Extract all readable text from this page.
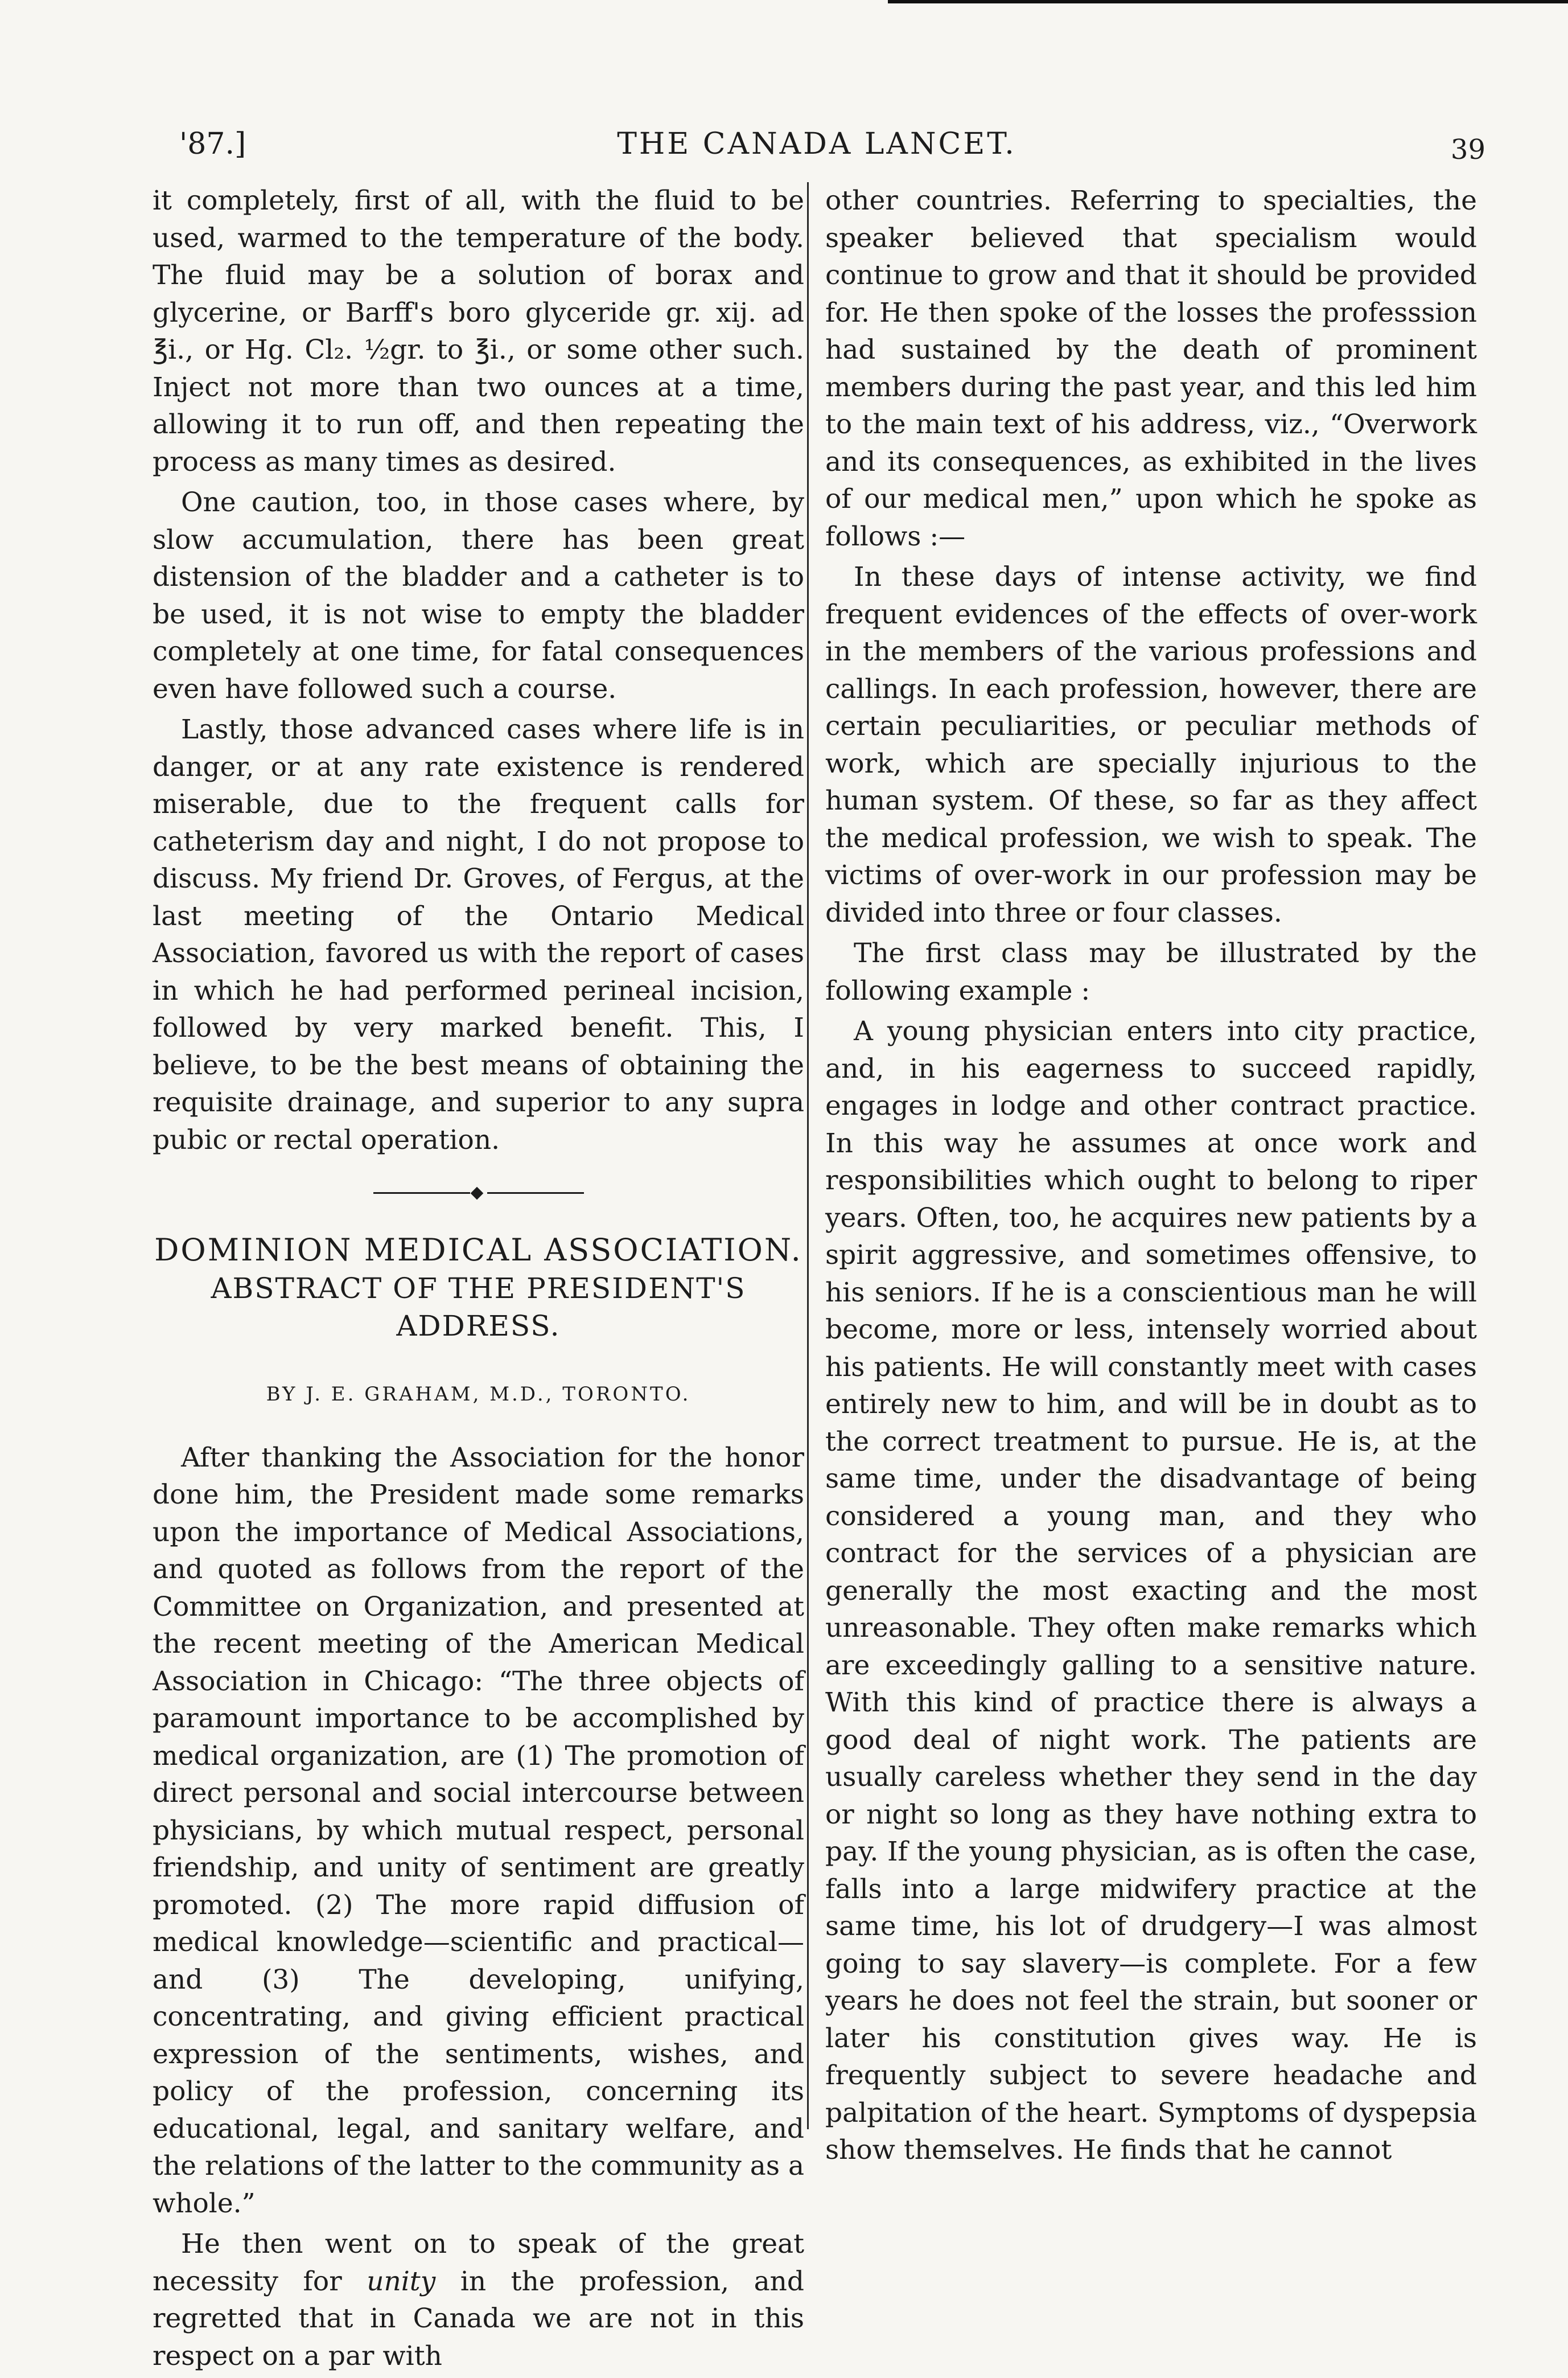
'87.]	THE CANADA LANCET.	39

it completely, first of all, with the fluid to be used, warmed to the temperature of the body. The fluid may be a solution of borax and glycerine, or Barff's boro glyceride gr. xij. ad ℥i., or Hg. Cl₂. ½gr. to ℥i., or some other such. Inject not more than two ounces at a time, allowing it to run off, and then repeating the process as many times as desired.

One caution, too, in those cases where, by slow accumulation, there has been great distension of the bladder and a catheter is to be used, it is not wise to empty the bladder completely at one time, for fatal consequences even have followed such a course.

Lastly, those advanced cases where life is in danger, or at any rate existence is rendered miserable, due to the frequent calls for catheterism day and night, I do not propose to discuss. My friend Dr. Groves, of Fergus, at the last meeting of the Ontario Medical Association, favored us with the report of cases in which he had performed perineal incision, followed by very marked benefit. This, I believe, to be the best means of obtaining the requisite drainage, and superior to any supra pubic or rectal operation.

DOMINION MEDICAL ASSOCIATION.
ABSTRACT OF THE PRESIDENT'S ADDRESS.
BY J. E. GRAHAM, M.D., TORONTO.

After thanking the Association for the honor done him, the President made some remarks upon the importance of Medical Associations, and quoted as follows from the report of the Committee on Organization, and presented at the recent meeting of the American Medical Association in Chicago: “The three objects of paramount importance to be accomplished by medical organization, are (1) The promotion of direct personal and social intercourse between physicians, by which mutual respect, personal friendship, and unity of sentiment are greatly promoted. (2) The more rapid diffusion of medical knowledge—scientific and practical—and (3) The developing, unifying, concentrating, and giving efficient practical expression of the sentiments, wishes, and policy of the profession, concerning its educational, legal, and sanitary welfare, and the relations of the latter to the community as a whole.”

He then went on to speak of the great necessity for unity in the profession, and regretted that in Canada we are not in this respect on a par with

other countries. Referring to specialties, the speaker believed that specialism would continue to grow and that it should be provided for. He then spoke of the losses the professsion had sustained by the death of prominent members during the past year, and this led him to the main text of his address, viz., “Overwork and its consequences, as exhibited in the lives of our medical men,” upon which he spoke as follows :—

In these days of intense activity, we find frequent evidences of the effects of over-work in the members of the various professions and callings. In each profession, however, there are certain peculiarities, or peculiar methods of work, which are specially injurious to the human system. Of these, so far as they affect the medical profession, we wish to speak. The victims of over-work in our profession may be divided into three or four classes.

The first class may be illustrated by the following example :

A young physician enters into city practice, and, in his eagerness to succeed rapidly, engages in lodge and other contract practice. In this way he assumes at once work and responsibilities which ought to belong to riper years. Often, too, he acquires new patients by a spirit aggressive, and sometimes offensive, to his seniors. If he is a conscientious man he will become, more or less, intensely worried about his patients. He will constantly meet with cases entirely new to him, and will be in doubt as to the correct treatment to pursue. He is, at the same time, under the disadvantage of being considered a young man, and they who contract for the services of a physician are generally the most exacting and the most unreasonable. They often make remarks which are exceedingly galling to a sensitive nature. With this kind of practice there is always a good deal of night work. The patients are usually careless whether they send in the day or night so long as they have nothing extra to pay. If the young physician, as is often the case, falls into a large midwifery practice at the same time, his lot of drudgery—I was almost going to say slavery—is complete. For a few years he does not feel the strain, but sooner or later his constitution gives way. He is frequently subject to severe headache and palpitation of the heart. Symptoms of dyspepsia show themselves. He finds that he cannot
